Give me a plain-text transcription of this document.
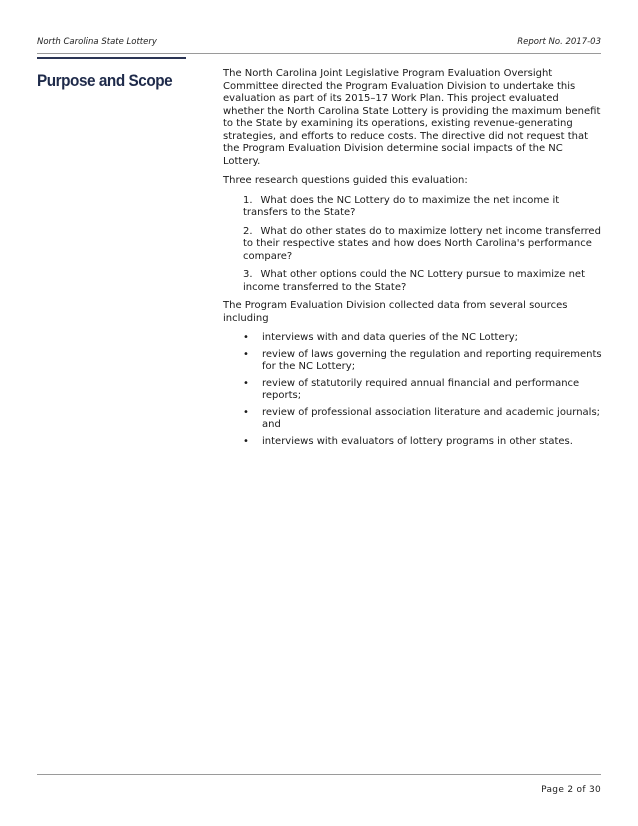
North Carolina State Lottery	Report No. 2017-03
Purpose and Scope	The North Carolina Joint Legislative Program Evaluation Oversight Committee directed the Program Evaluation Division to undertake this evaluation as part of its 2015–17 Work Plan. This project evaluated whether the North Carolina State Lottery is providing the maximum benefit to the State by examining its operations, existing revenue-generating strategies, and efforts to reduce costs. The directive did not request that the Program Evaluation Division determine social impacts of the NC Lottery.

Three research questions guided this evaluation:

1. What does the NC Lottery do to maximize the net income it transfers to the State?
2. What do other states do to maximize lottery net income transferred to their respective states and how does North Carolina's performance compare?
3. What other options could the NC Lottery pursue to maximize net income transferred to the State?

The Program Evaluation Division collected data from several sources including

• interviews with and data queries of the NC Lottery;
• review of laws governing the regulation and reporting requirements for the NC Lottery;
• review of statutorily required annual financial and performance reports;
• review of professional association literature and academic journals; and
• interviews with evaluators of lottery programs in other states.
Page 2 of 30
